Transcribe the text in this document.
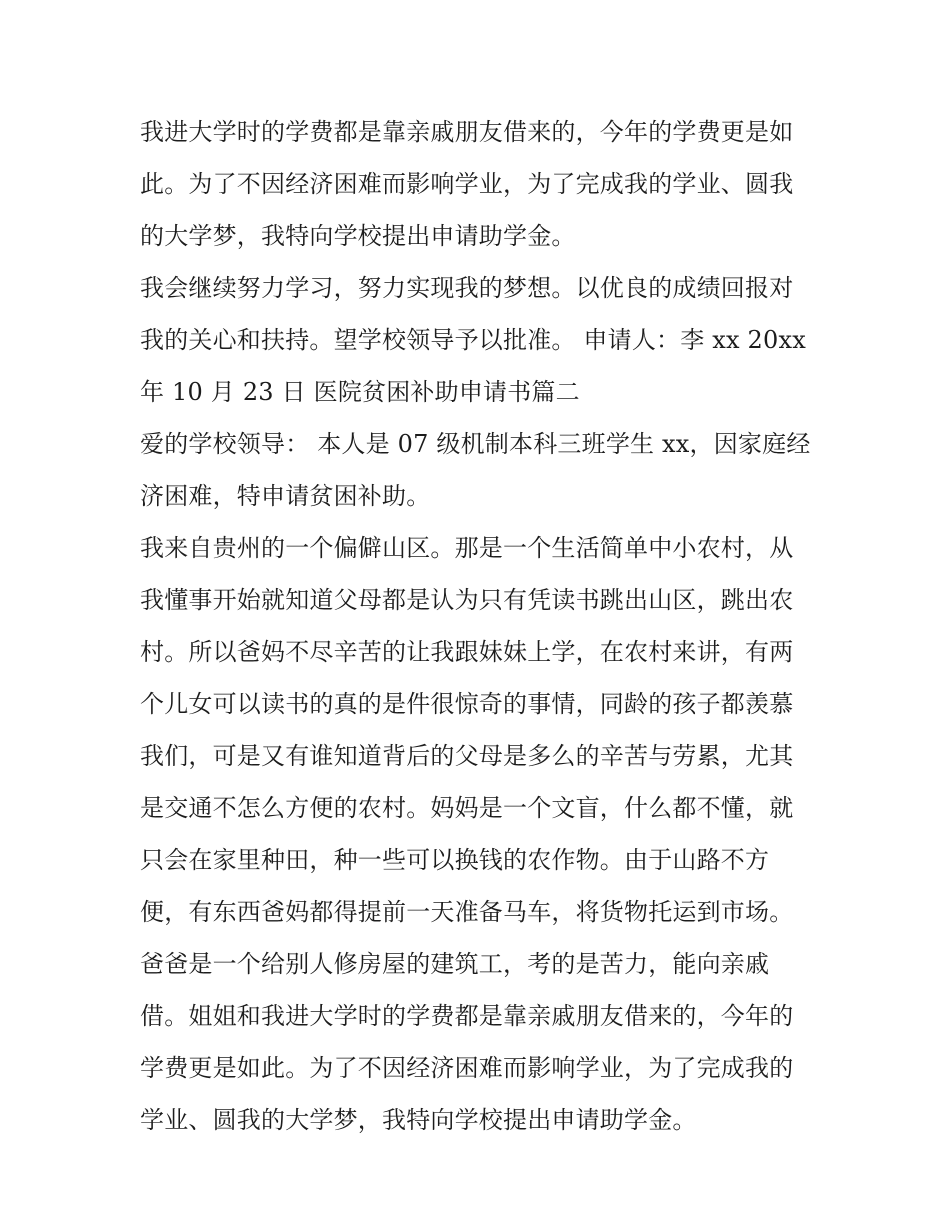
我进大学时的学费都是靠亲戚朋友借来的，今年的学费更是如
此。为了不因经济困难而影响学业，为了完成我的学业、圆我
的大学梦，我特向学校提出申请助学金。
我会继续努力学习，努力实现我的梦想。以优良的成绩回报对
我的关心和扶持。望学校领导予以批准。 申请人：李 xx 20xx
年 10 月 23 日 医院贫困补助申请书篇二
爱的学校领导： 本人是 07 级机制本科三班学生 xx，因家庭经
济困难，特申请贫困补助。
我来自贵州的一个偏僻山区。那是一个生活简单中小农村，从
我懂事开始就知道父母都是认为只有凭读书跳出山区，跳出农
村。所以爸妈不尽辛苦的让我跟妹妹上学，在农村来讲，有两
个儿女可以读书的真的是件很惊奇的事情，同龄的孩子都羡慕
我们，可是又有谁知道背后的父母是多么的辛苦与劳累，尤其
是交通不怎么方便的农村。妈妈是一个文盲，什么都不懂，就
只会在家里种田，种一些可以换钱的农作物。由于山路不方
便，有东西爸妈都得提前一天准备马车，将货物托运到市场。
爸爸是一个给别人修房屋的建筑工，考的是苦力，能向亲戚
借。姐姐和我进大学时的学费都是靠亲戚朋友借来的，今年的
学费更是如此。为了不因经济困难而影响学业，为了完成我的
学业、圆我的大学梦，我特向学校提出申请助学金。
